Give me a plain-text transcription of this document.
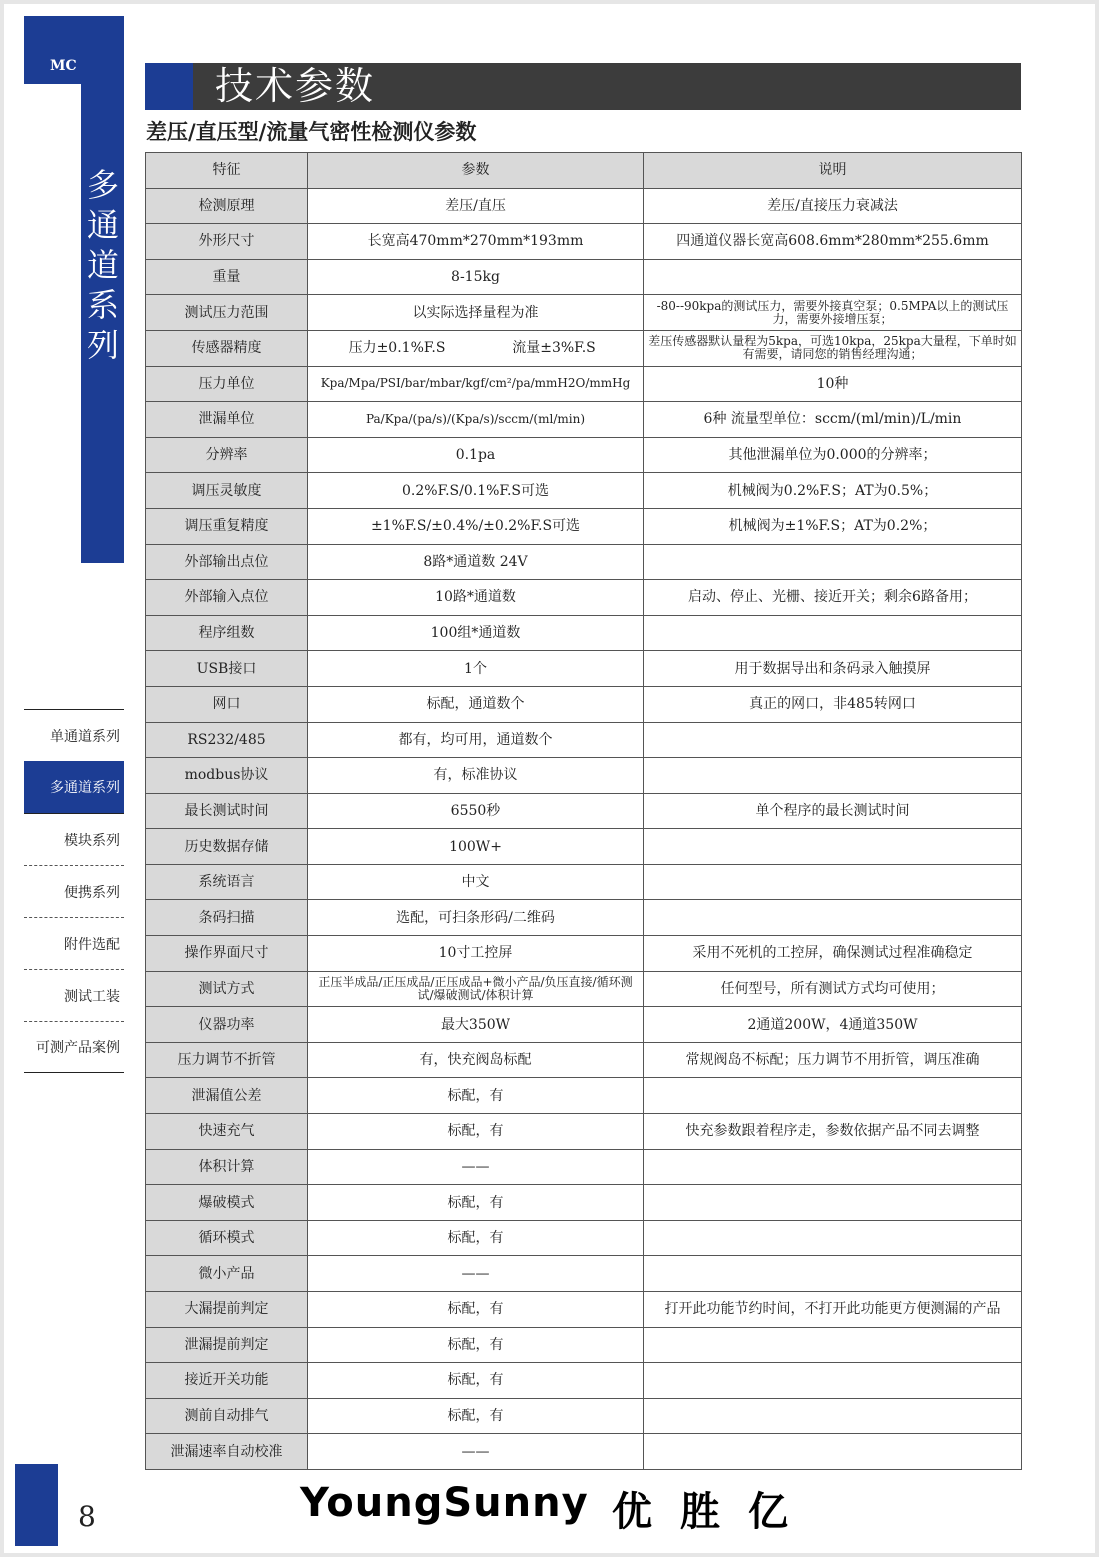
MC
多通道系列
单通道系列
多通道系列
模块系列
便携系列
附件选配
测试工装
可测产品案例
技术参数
差压/直压型/流量气密性检测仪参数
特征	参数	说明
检测原理	差压/直压	差压/直接压力衰减法
外形尺寸	长宽高470mm*270mm*193mm	四通道仪器长宽高608.6mm*280mm*255.6mm
重量	8-15kg	
测试压力范围	以实际选择量程为准	-80--90kpa的测试压力，需要外接真空泵；0.5MPA以上的测试压力，需要外接增压泵；
传感器精度	压力±0.1%F.S 流量±3%F.S	差压传感器默认量程为5kpa，可选10kpa，25kpa大量程，下单时如有需要，请同您的销售经理沟通；
压力单位	Kpa/Mpa/PSI/bar/mbar/kgf/cm²/pa/mmH2O/mmHg	10种
泄漏单位	Pa/Kpa/(pa/s)/(Kpa/s)/sccm/(ml/min)	6种 流量型单位：sccm/(ml/min)/L/min
分辨率	0.1pa	其他泄漏单位为0.000的分辨率；
调压灵敏度	0.2%F.S/0.1%F.S可选	机械阀为0.2%F.S；AT为0.5%；
调压重复精度	±1%F.S/±0.4%/±0.2%F.S可选	机械阀为±1%F.S；AT为0.2%；
外部输出点位	8路*通道数 24V	
外部输入点位	10路*通道数	启动、停止、光栅、接近开关；剩余6路备用；
程序组数	100组*通道数	
USB接口	1个	用于数据导出和条码录入触摸屏
网口	标配，通道数个	真正的网口，非485转网口
RS232/485	都有，均可用，通道数个	
modbus协议	有，标准协议	
最长测试时间	6550秒	单个程序的最长测试时间
历史数据存储	100W+	
系统语言	中文	
条码扫描	选配，可扫条形码/二维码	
操作界面尺寸	10寸工控屏	采用不死机的工控屏，确保测试过程准确稳定
测试方式	正压半成品/正压成品/正压成品+微小产品/负压直接/循环测试/爆破测试/体积计算	任何型号，所有测试方式均可使用；
仪器功率	最大350W	2通道200W，4通道350W
压力调节不折管	有，快充阀岛标配	常规阀岛不标配；压力调节不用折管，调压准确
泄漏值公差	标配，有	
快速充气	标配，有	快充参数跟着程序走，参数依据产品不同去调整
体积计算	——	
爆破模式	标配，有	
循环模式	标配，有	
微小产品	——	
大漏提前判定	标配，有	打开此功能节约时间，不打开此功能更方便测漏的产品
泄漏提前判定	标配，有	
接近开关功能	标配，有	
测前自动排气	标配，有	
泄漏速率自动校准	——	
8	YoungSunny 优胜亿
